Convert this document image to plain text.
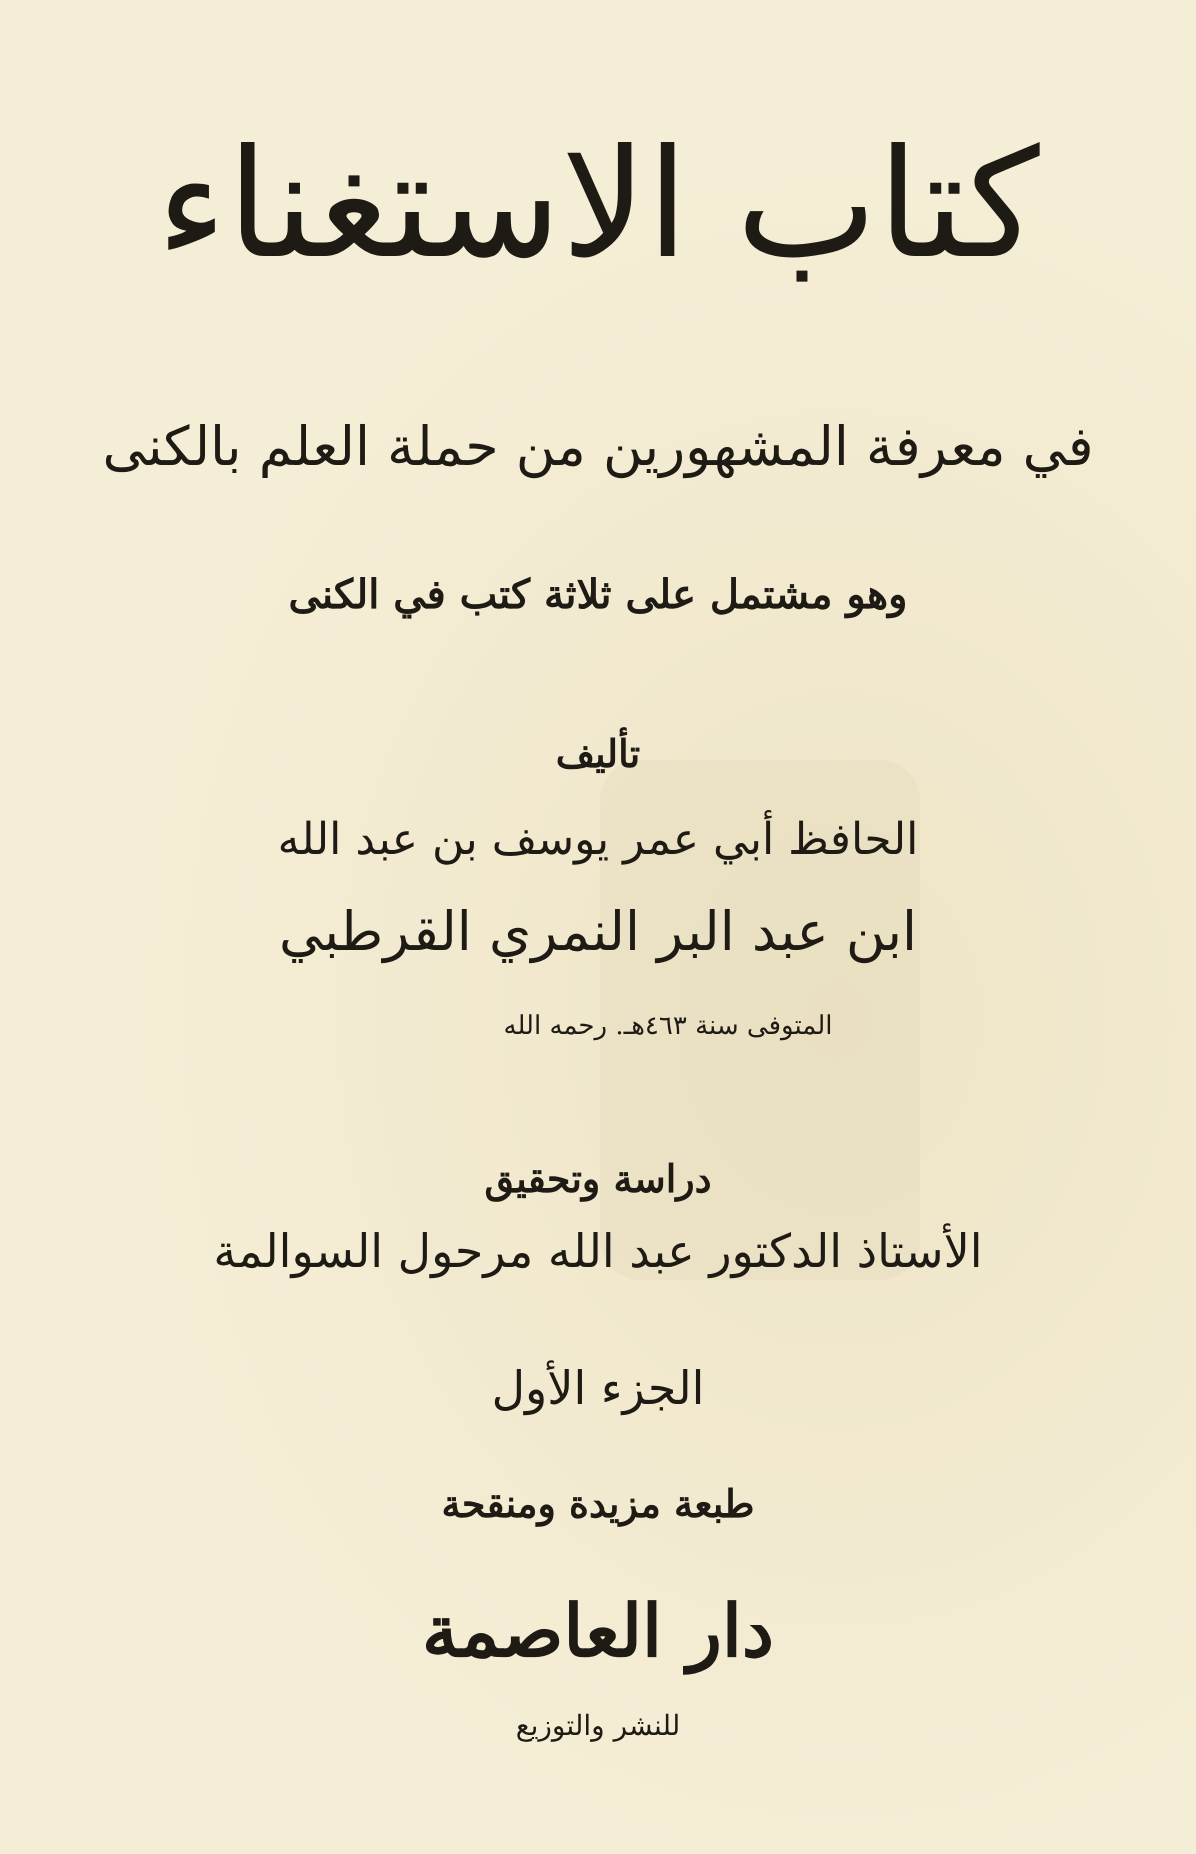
كتاب الاستغناء
في معرفة المشهورين من حملة العلم بالكنى
وهو مشتمل على ثلاثة كتب في الكنى
تأليف
الحافظ أبي عمر يوسف بن عبد الله
ابن عبد البر النمري القرطبي
المتوفى سنة ٤٦٣هـ. رحمه الله
دراسة وتحقيق
الأستاذ الدكتور عبد الله مرحول السوالمة
الجزء الأول
طبعة مزيدة ومنقحة
دار العاصمة
للنشر والتوزيع
